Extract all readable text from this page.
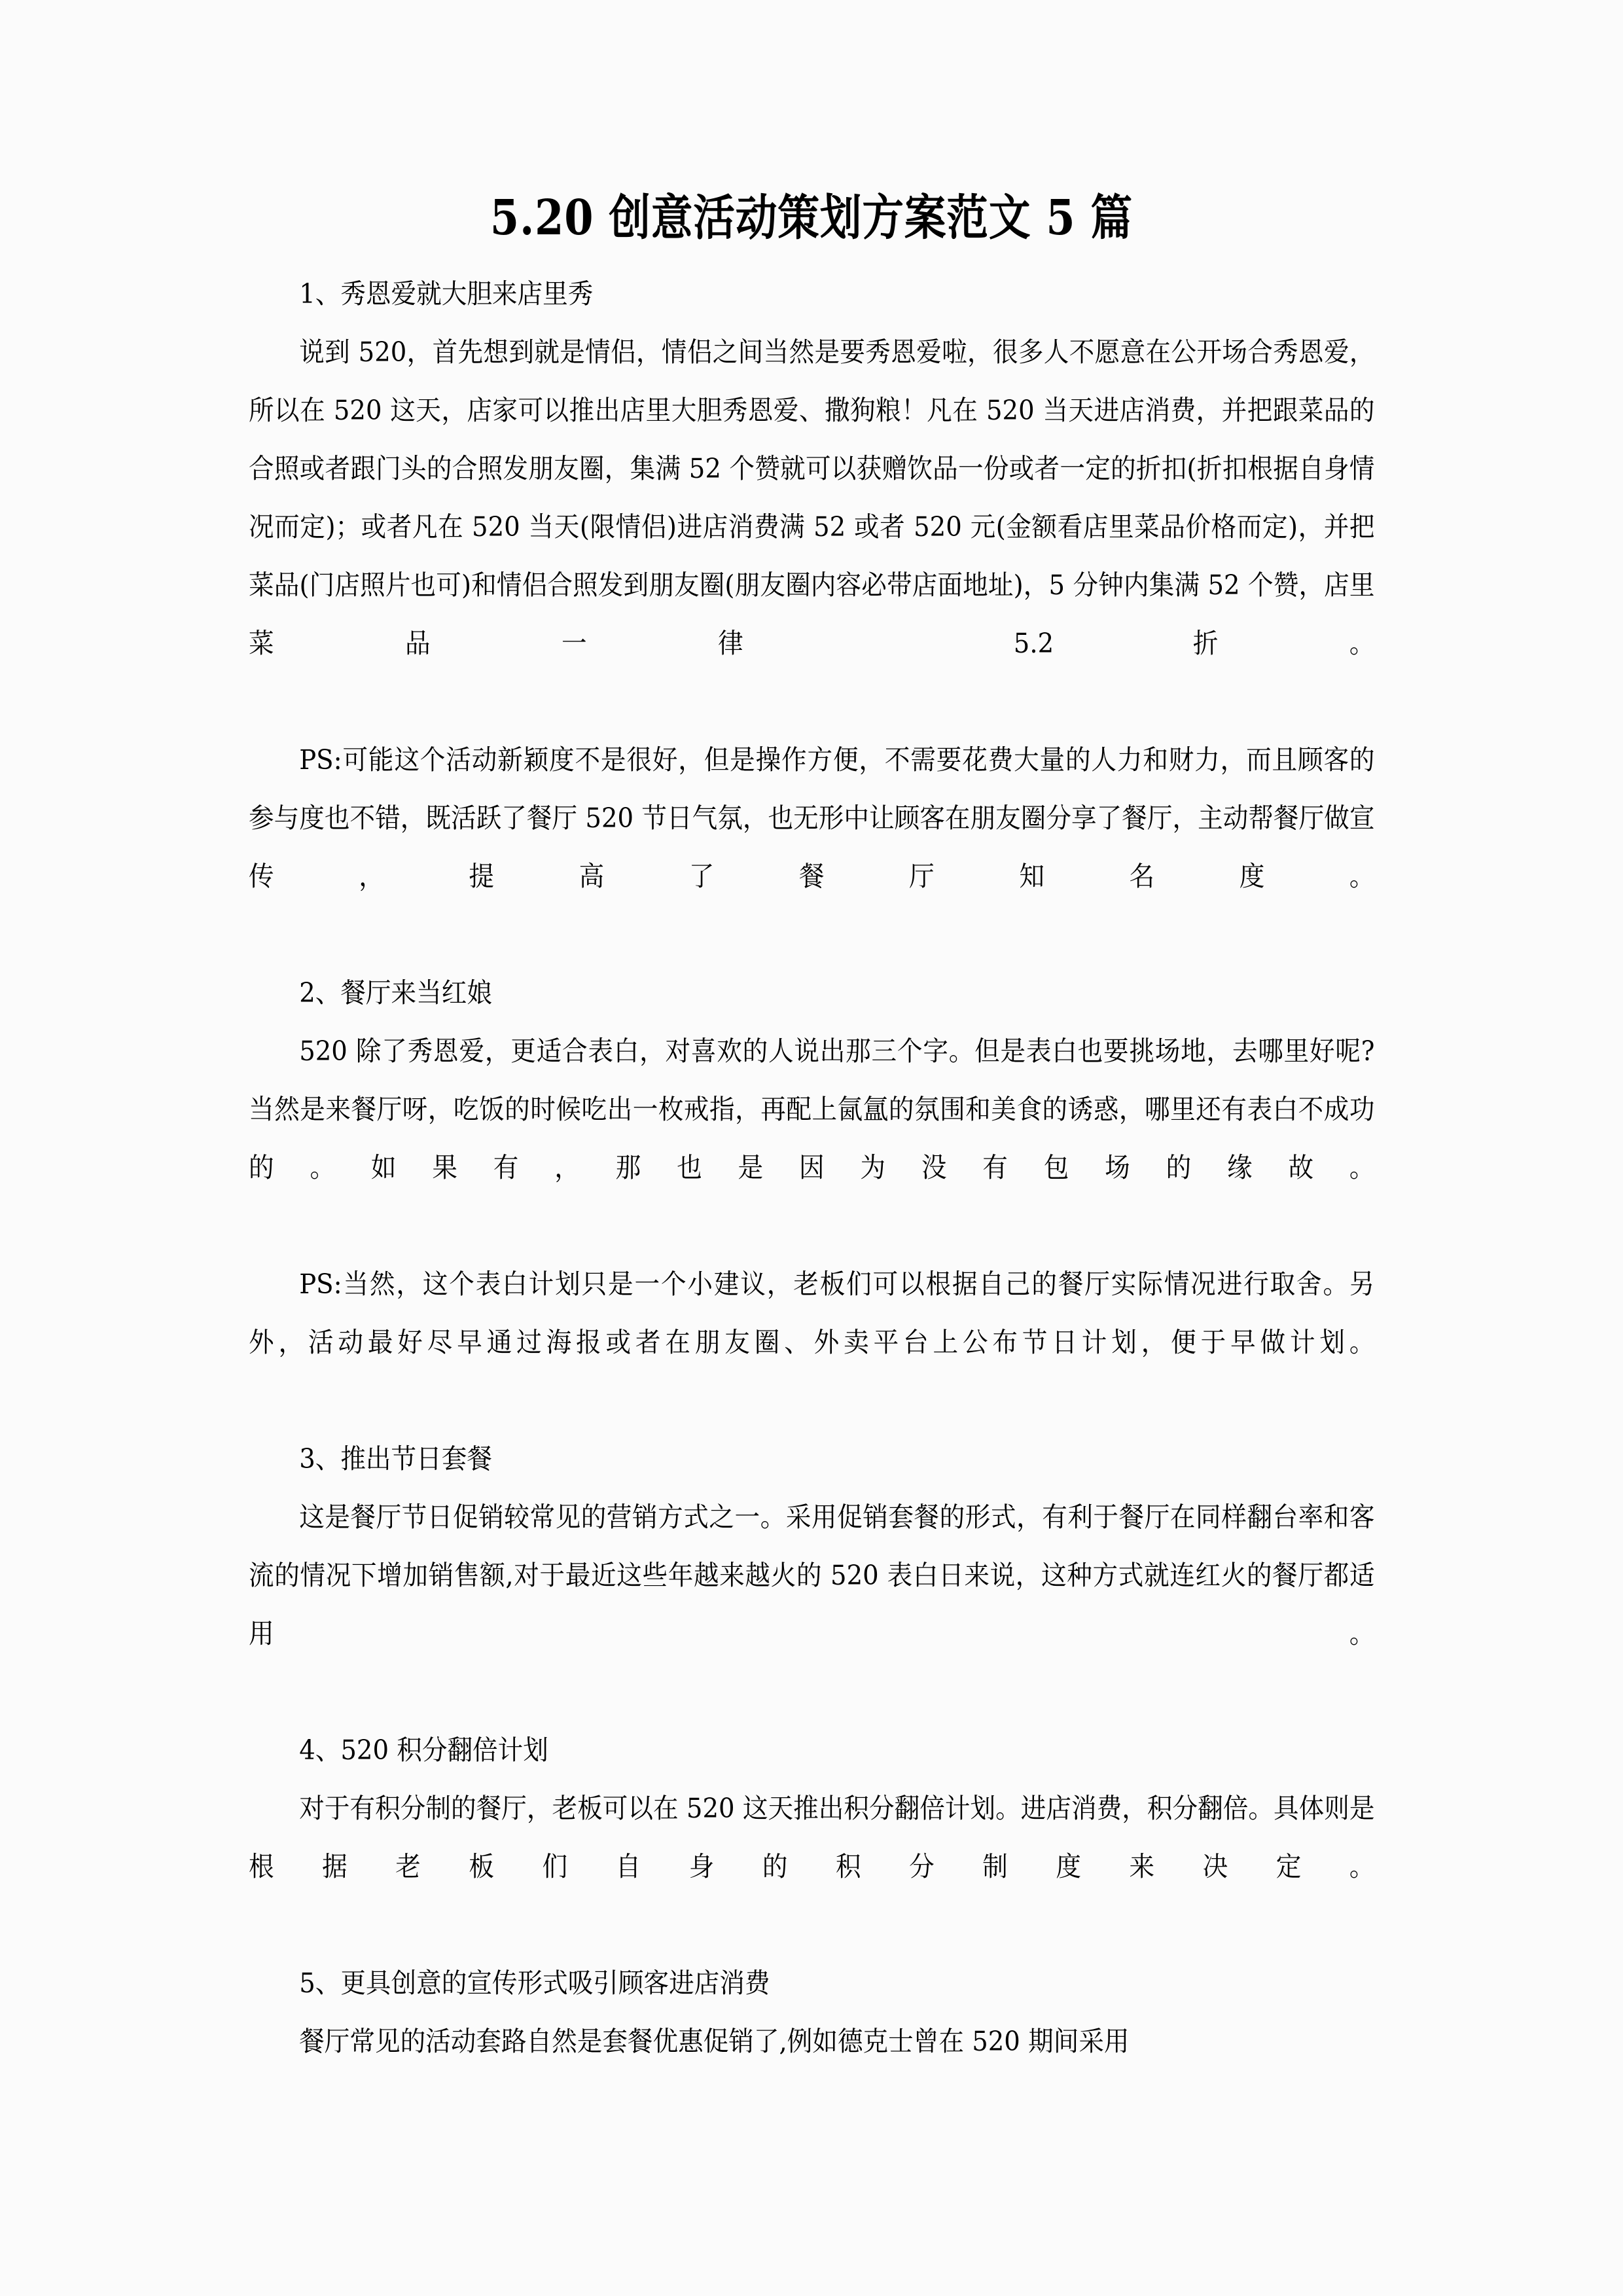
5.20 创意活动策划方案范文 5 篇

1、秀恩爱就大胆来店里秀

说到 520，首先想到就是情侣，情侣之间当然是要秀恩爱啦，很多人不愿意在公开场合秀恩爱，所以在 520 这天，店家可以推出店里大胆秀恩爱、撒狗粮！凡在 520 当天进店消费，并把跟菜品的合照或者跟门头的合照发朋友圈，集满 52 个赞就可以获赠饮品一份或者一定的折扣(折扣根据自身情况而定)；或者凡在 520 当天(限情侣)进店消费满 52 或者 520 元(金额看店里菜品价格而定)，并把菜品(门店照片也可)和情侣合照发到朋友圈(朋友圈内容必带店面地址)，5 分钟内集满 52 个赞，店里菜品一律 5.2 折。

PS:可能这个活动新颖度不是很好，但是操作方便，不需要花费大量的人力和财力，而且顾客的参与度也不错，既活跃了餐厅 520 节日气氛，也无形中让顾客在朋友圈分享了餐厅，主动帮餐厅做宣传，提高了餐厅知名度。

2、餐厅来当红娘

520 除了秀恩爱，更适合表白，对喜欢的人说出那三个字。但是表白也要挑场地，去哪里好呢?当然是来餐厅呀，吃饭的时候吃出一枚戒指，再配上氤氲的氛围和美食的诱惑，哪里还有表白不成功的。如果有，那也是因为没有包场的缘故。

PS:当然，这个表白计划只是一个小建议，老板们可以根据自己的餐厅实际情况进行取舍。另外，活动最好尽早通过海报或者在朋友圈、外卖平台上公布节日计划，便于早做计划。

3、推出节日套餐

这是餐厅节日促销较常见的营销方式之一。采用促销套餐的形式，有利于餐厅在同样翻台率和客流的情况下增加销售额,对于最近这些年越来越火的 520 表白日来说，这种方式就连红火的餐厅都适用。

4、520 积分翻倍计划

对于有积分制的餐厅，老板可以在 520 这天推出积分翻倍计划。进店消费，积分翻倍。具体则是根据老板们自身的积分制度来决定。

5、更具创意的宣传形式吸引顾客进店消费

餐厅常见的活动套路自然是套餐优惠促销了,例如德克士曾在 520 期间采用
